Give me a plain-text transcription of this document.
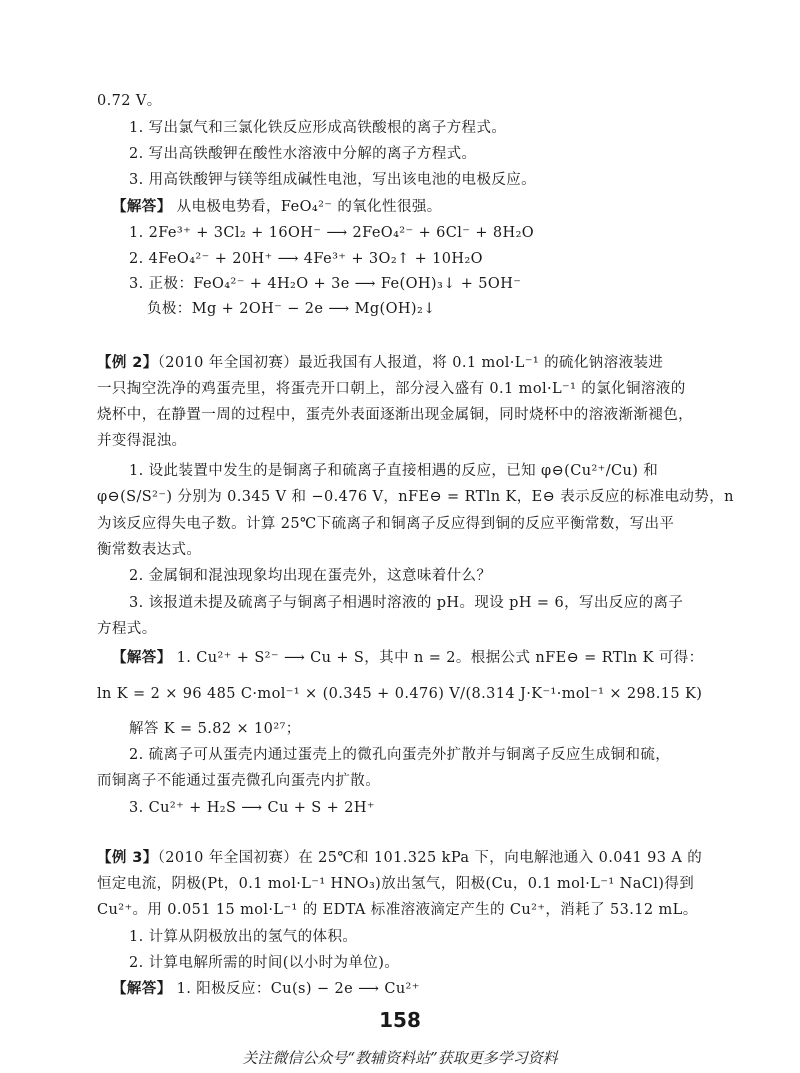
0.72 V。
1. 写出氯气和三氯化铁反应形成高铁酸根的离子方程式。
2. 写出高铁酸钾在酸性水溶液中分解的离子方程式。
3. 用高铁酸钾与镁等组成碱性电池，写出该电池的电极反应。
【解答】 从电极电势看，FeO₄²⁻ 的氧化性很强。
1. 2Fe³⁺ + 3Cl₂ + 16OH⁻ ⟶ 2FeO₄²⁻ + 6Cl⁻ + 8H₂O
2. 4FeO₄²⁻ + 20H⁺ ⟶ 4Fe³⁺ + 3O₂↑ + 10H₂O
3. 正极：FeO₄²⁻ + 4H₂O + 3e ⟶ Fe(OH)₃↓ + 5OH⁻
负极：Mg + 2OH⁻ − 2e ⟶ Mg(OH)₂↓
【例 2】（2010 年全国初赛）最近我国有人报道，将 0.1 mol·L⁻¹ 的硫化钠溶液装进
一只掏空洗净的鸡蛋壳里，将蛋壳开口朝上，部分浸入盛有 0.1 mol·L⁻¹ 的氯化铜溶液的
烧杯中，在静置一周的过程中，蛋壳外表面逐渐出现金属铜，同时烧杯中的溶液渐渐褪色，
并变得混浊。
1. 设此装置中发生的是铜离子和硫离子直接相遇的反应，已知 φ⊖(Cu²⁺/Cu) 和
φ⊖(S/S²⁻) 分别为 0.345 V 和 −0.476 V，nFE⊖ = RTln K，E⊖ 表示反应的标准电动势，n
为该反应得失电子数。计算 25℃下硫离子和铜离子反应得到铜的反应平衡常数，写出平
衡常数表达式。
2. 金属铜和混浊现象均出现在蛋壳外，这意味着什么？
3. 该报道未提及硫离子与铜离子相遇时溶液的 pH。现设 pH = 6，写出反应的离子
方程式。
【解答】 1. Cu²⁺ + S²⁻ ⟶ Cu + S，其中 n = 2。根据公式 nFE⊖ = RTln K 可得：
ln K = 2 × 96 485 C·mol⁻¹ × (0.345 + 0.476) V/(8.314 J·K⁻¹·mol⁻¹ × 298.15 K)
解答 K = 5.82 × 10²⁷；
2. 硫离子可从蛋壳内通过蛋壳上的微孔向蛋壳外扩散并与铜离子反应生成铜和硫，
而铜离子不能通过蛋壳微孔向蛋壳内扩散。
3. Cu²⁺ + H₂S ⟶ Cu + S + 2H⁺
【例 3】（2010 年全国初赛）在 25℃和 101.325 kPa 下，向电解池通入 0.041 93 A 的
恒定电流，阴极(Pt，0.1 mol·L⁻¹ HNO₃)放出氢气，阳极(Cu，0.1 mol·L⁻¹ NaCl)得到
Cu²⁺。用 0.051 15 mol·L⁻¹ 的 EDTA 标准溶液滴定产生的 Cu²⁺，消耗了 53.12 mL。
1. 计算从阴极放出的氢气的体积。
2. 计算电解所需的时间(以小时为单位)。
【解答】 1. 阳极反应：Cu(s) − 2e ⟶ Cu²⁺
158
关注微信公众号“教辅资料站”获取更多学习资料
